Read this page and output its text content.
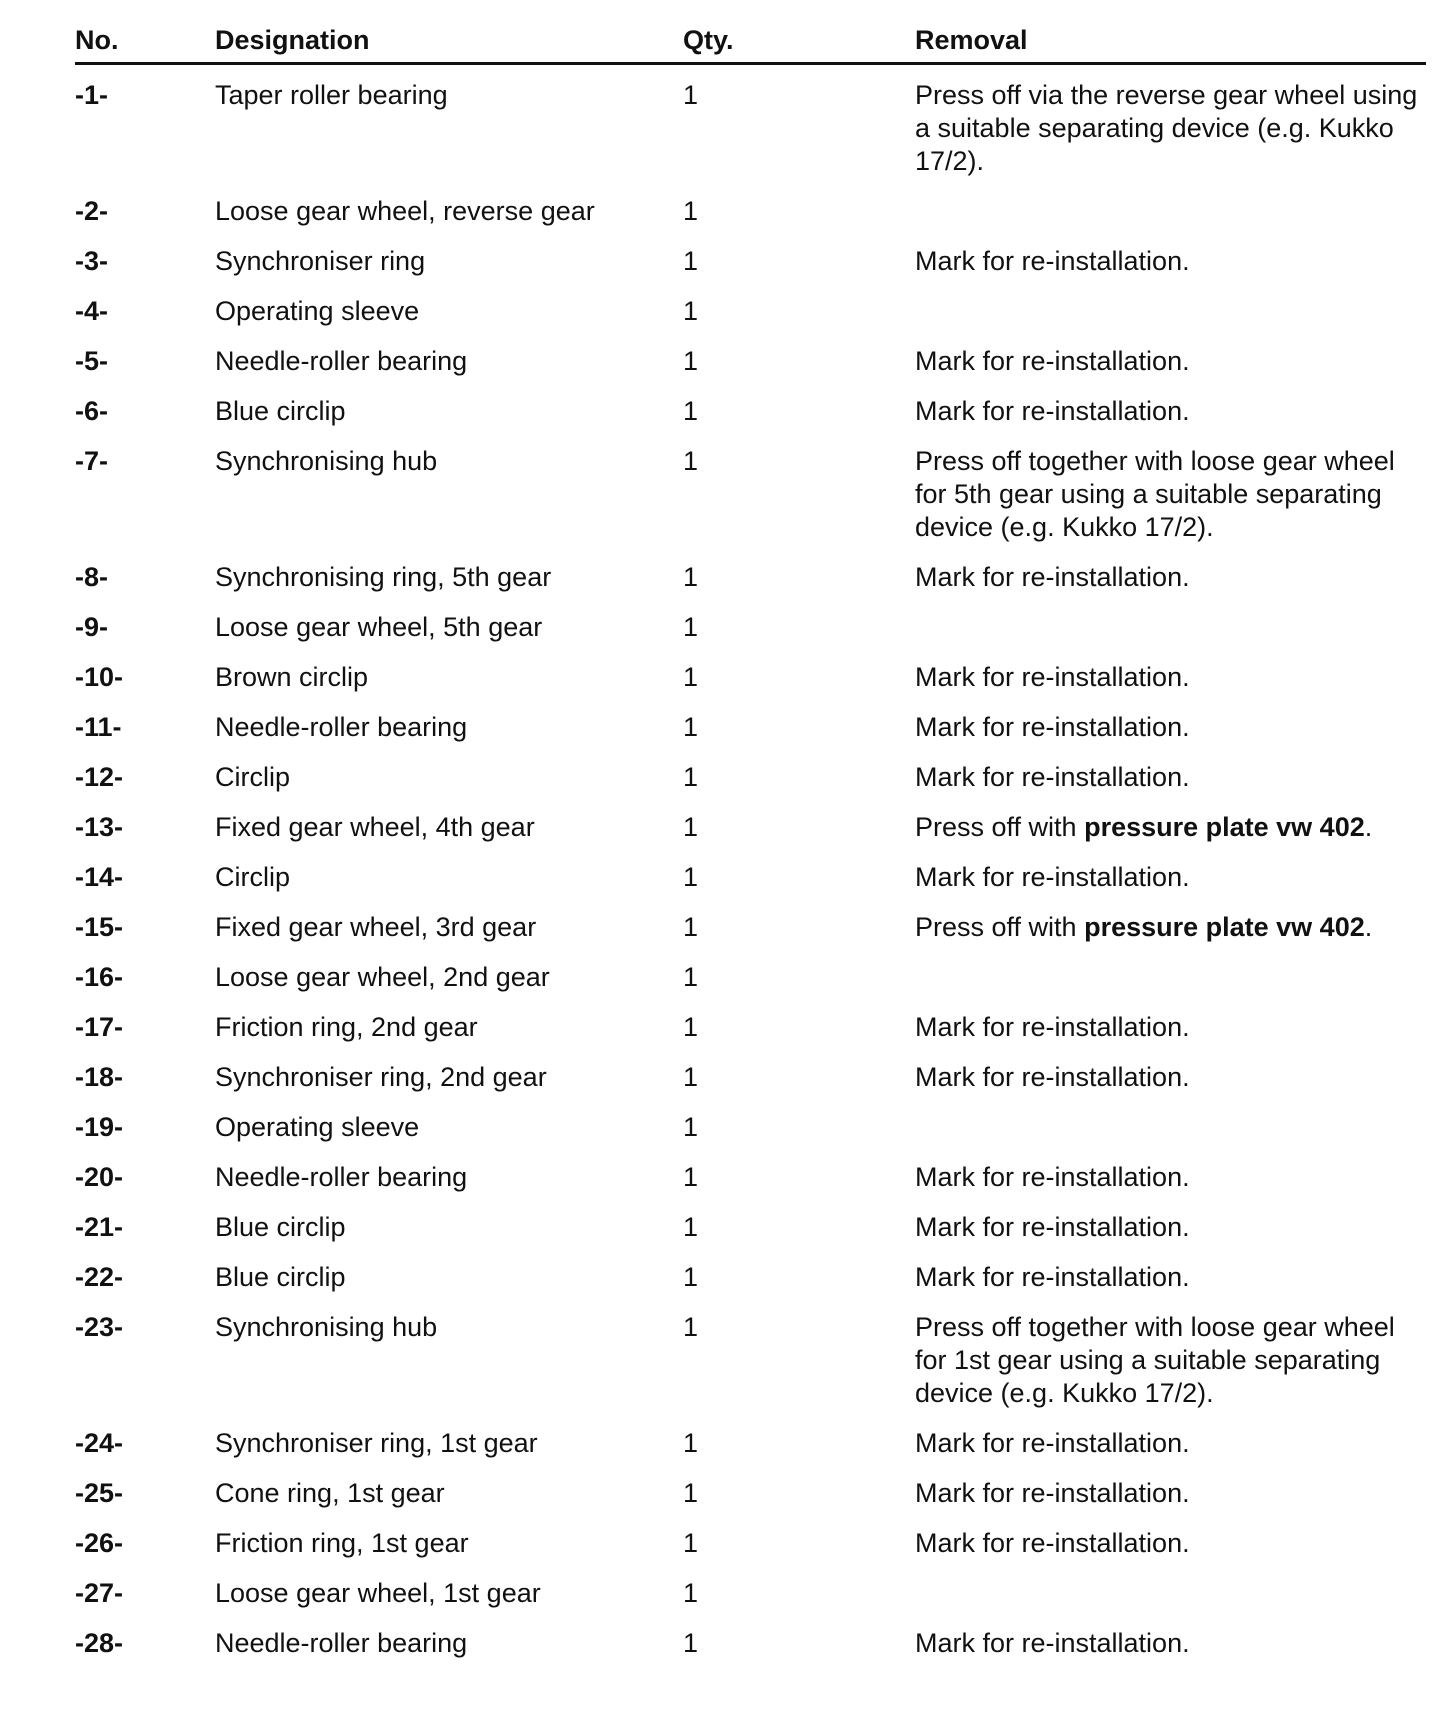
No.	Designation	Qty.	Removal
-1-	Taper roller bearing	1	Press off via the reverse gear wheel using a suitable separating device (e.g. Kukko 17/2).
-2-	Loose gear wheel, reverse gear	1	
-3-	Synchroniser ring	1	Mark for re-installation.
-4-	Operating sleeve	1	
-5-	Needle-roller bearing	1	Mark for re-installation.
-6-	Blue circlip	1	Mark for re-installation.
-7-	Synchronising hub	1	Press off together with loose gear wheel for 5th gear using a suitable separating device (e.g. Kukko 17/2).
-8-	Synchronising ring, 5th gear	1	Mark for re-installation.
-9-	Loose gear wheel, 5th gear	1	
-10-	Brown circlip	1	Mark for re-installation.
-11-	Needle-roller bearing	1	Mark for re-installation.
-12-	Circlip	1	Mark for re-installation.
-13-	Fixed gear wheel, 4th gear	1	Press off with pressure plate vw 402.
-14-	Circlip	1	Mark for re-installation.
-15-	Fixed gear wheel, 3rd gear	1	Press off with pressure plate vw 402.
-16-	Loose gear wheel, 2nd gear	1	
-17-	Friction ring, 2nd gear	1	Mark for re-installation.
-18-	Synchroniser ring, 2nd gear	1	Mark for re-installation.
-19-	Operating sleeve	1	
-20-	Needle-roller bearing	1	Mark for re-installation.
-21-	Blue circlip	1	Mark for re-installation.
-22-	Blue circlip	1	Mark for re-installation.
-23-	Synchronising hub	1	Press off together with loose gear wheel for 1st gear using a suitable separating device (e.g. Kukko 17/2).
-24-	Synchroniser ring, 1st gear	1	Mark for re-installation.
-25-	Cone ring, 1st gear	1	Mark for re-installation.
-26-	Friction ring, 1st gear	1	Mark for re-installation.
-27-	Loose gear wheel, 1st gear	1	
-28-	Needle-roller bearing	1	Mark for re-installation.
